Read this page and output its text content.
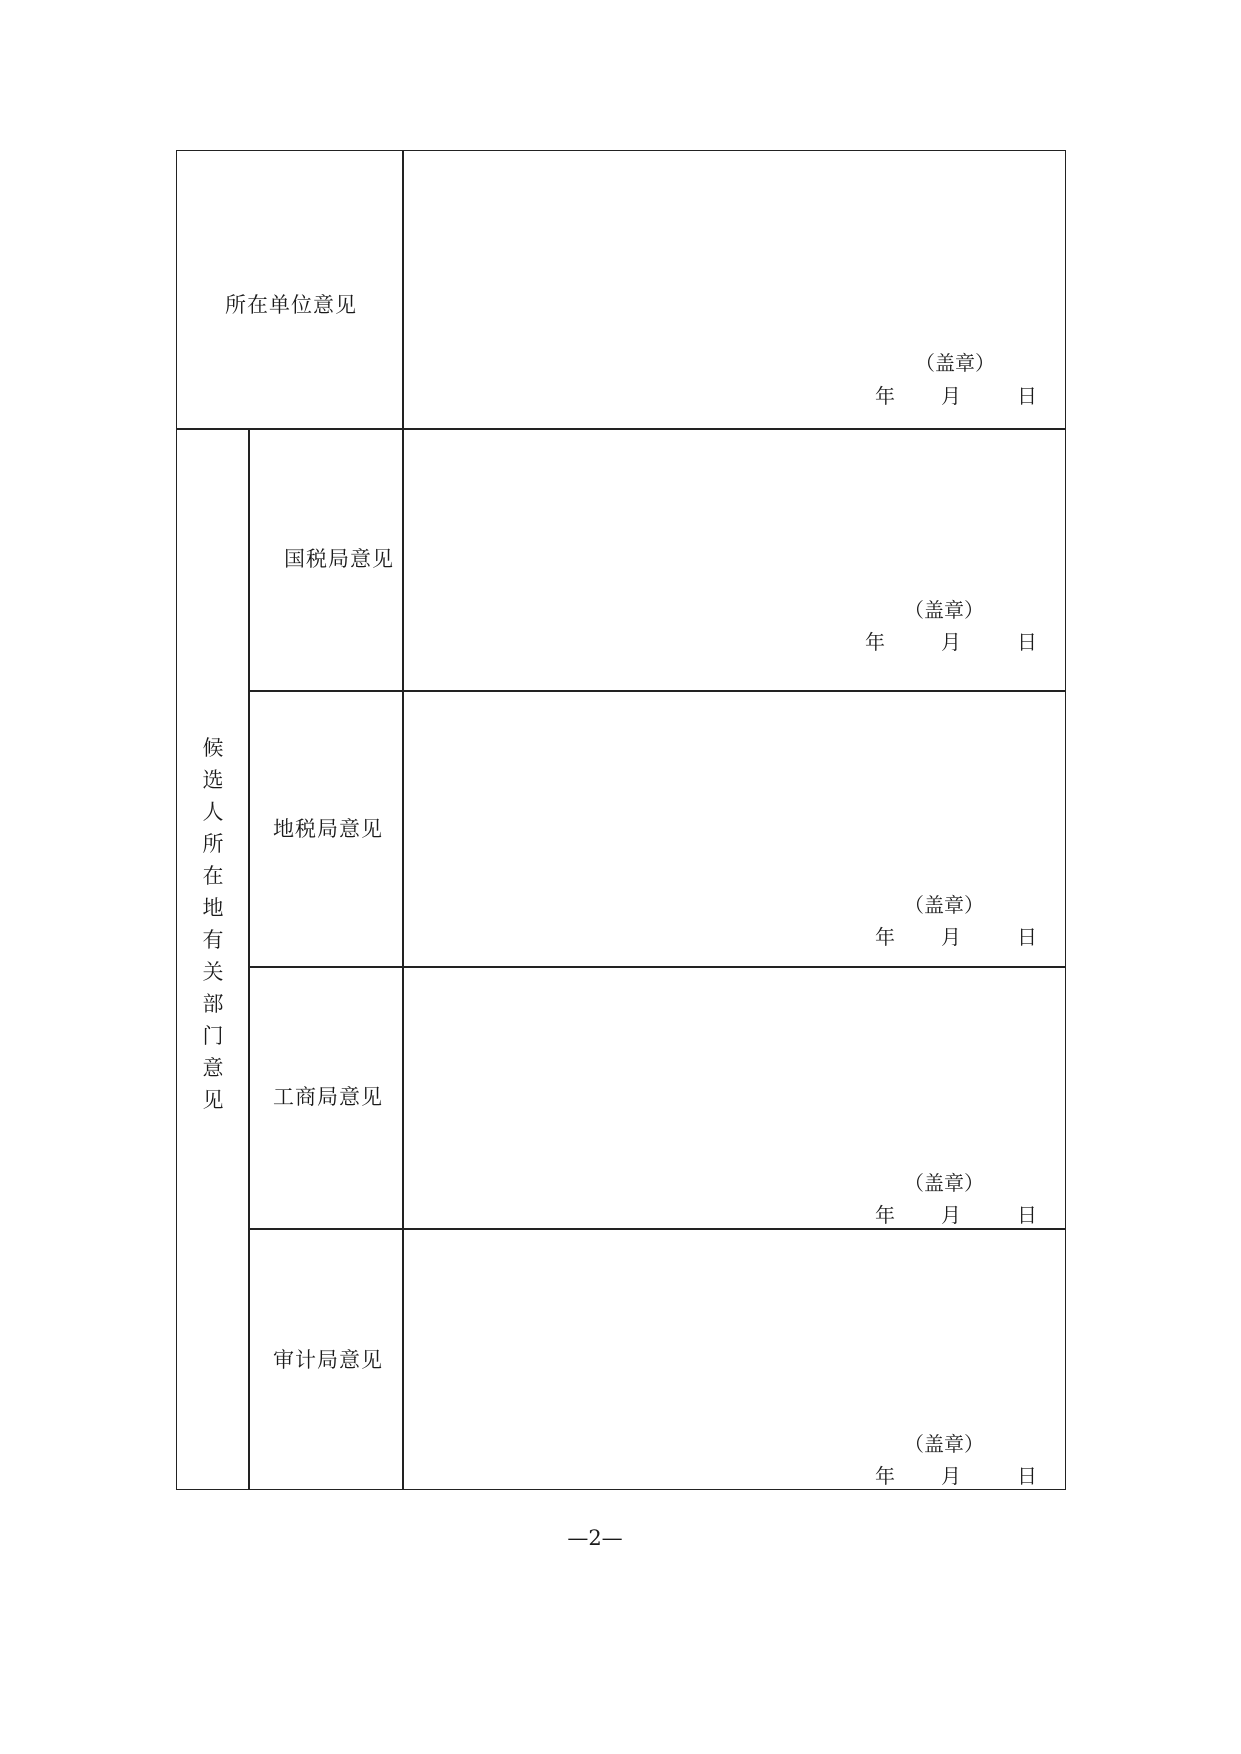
所在单位意见
（盖章）
年 月	日
候
选
人
所
在
地
有
关
部
门
意
见
国税局意见
（盖章）
年	月	日
地税局意见
（盖章）
年 月	日
工商局意见
（盖章）
年 月	日
审计局意见
（盖章）
年 月	日
—2—
